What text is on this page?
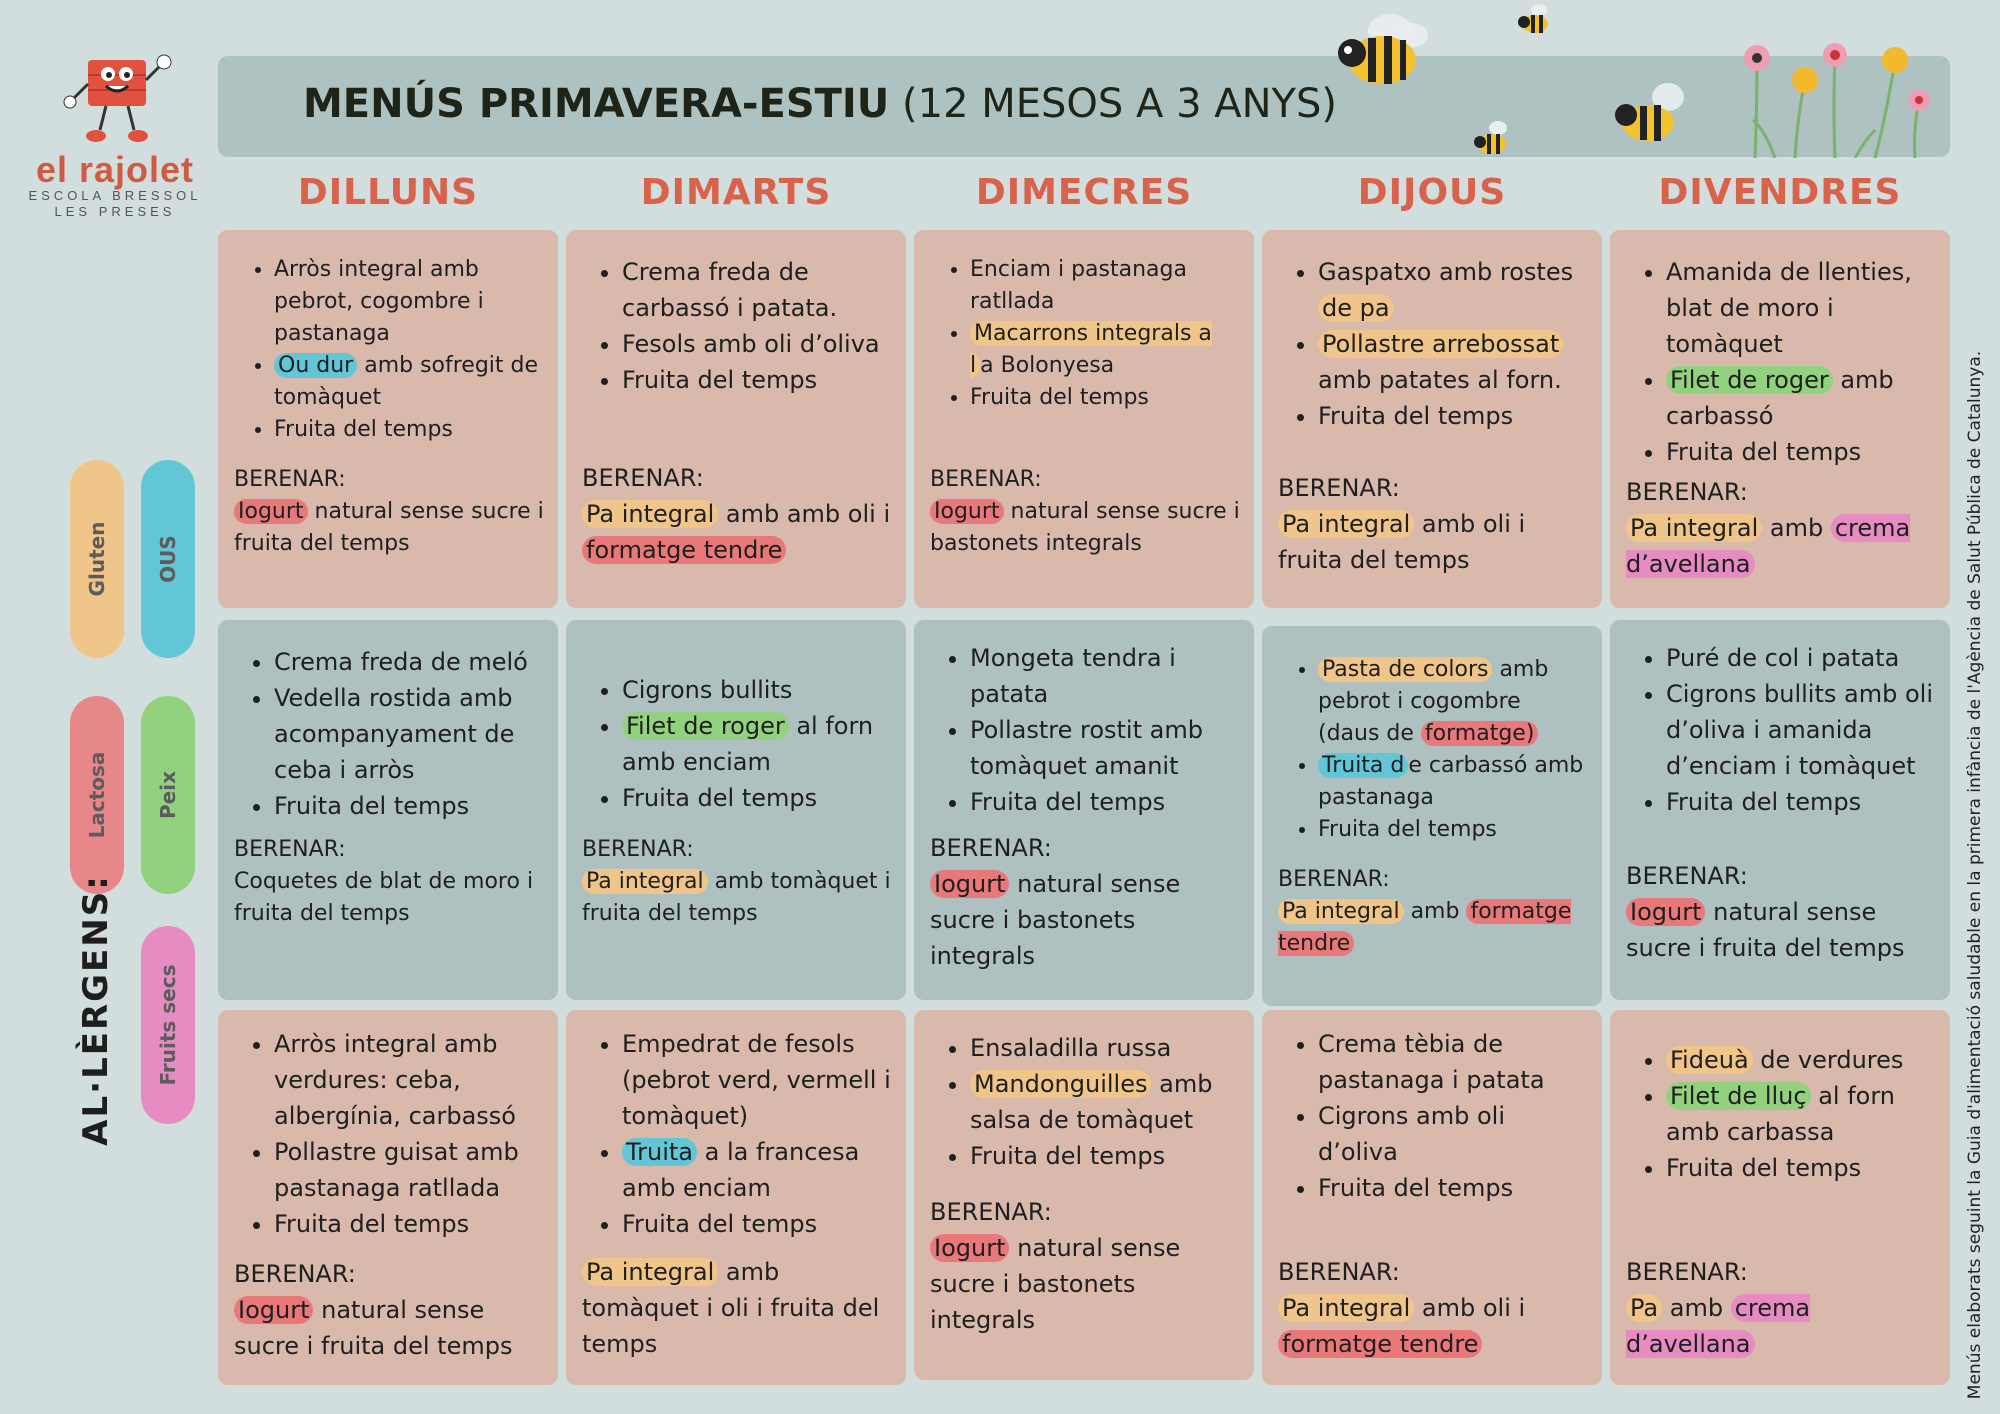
el rajolet
ESCOLA BRESSOL
LES PRESES
MENÚS PRIMAVERA-ESTIU (12 MESOS A 3 ANYS)
DILLUNS	DIMARTS	DIMECRES	DIJOUS	DIVENDRES
Gluten OUS
Lactosa Peix
Fruits secs
AL·LÈRGENS:	Menús elaborats seguint la Guia d'alimentació saludable en la primera infància de l'Agència de Salut Pública de Catalunya.
• Arròs integral amb pebrot, cogombre i pastanaga
• Ou dur amb sofregit de tomàquet
• Fruita del temps
BERENAR:
Iogurt natural sense sucre i fruita del temps
• Crema freda de carbassó i patata.
• Fesols amb oli d’oliva
• Fruita del temps
BERENAR:
Pa integral amb amb oli i formatge tendre
• Enciam i pastanaga ratllada
• Macarrons integrals a l a Bolonyesa
• Fruita del temps
BERENAR:
Iogurt natural sense sucre i bastonets integrals
• Gaspatxo amb rostes de pa
• Pollastre arrebossat amb patates al forn.
• Fruita del temps
BERENAR:
Pa integral amb oli i fruita del temps
• Amanida de llenties, blat de moro i tomàquet
• Filet de roger amb carbassó
• Fruita del temps
BERENAR:
Pa integral amb crema d’avellana
• Crema freda de meló
• Vedella rostida amb acompanyament de ceba i arròs
• Fruita del temps
BERENAR:
Coquetes de blat de moro i fruita del temps
• Cigrons bullits
• Filet de roger al forn amb enciam
• Fruita del temps
BERENAR:
Pa integral amb tomàquet i fruita del temps
• Mongeta tendra i patata
• Pollastre rostit amb tomàquet amanit
• Fruita del temps
BERENAR:
Iogurt natural sense sucre i bastonets integrals
• Pasta de colors amb pebrot i cogombre (daus de formatge)
• Truita d e carbassó amb pastanaga
• Fruita del temps
BERENAR:
Pa integral amb formatge tendre
• Puré de col i patata
• Cigrons bullits amb oli d’oliva i amanida d’enciam i tomàquet
• Fruita del temps
BERENAR:
Iogurt natural sense sucre i fruita del temps
• Arròs integral amb verdures: ceba, albergínia, carbassó
• Pollastre guisat amb pastanaga ratllada
• Fruita del temps
BERENAR:
Iogurt natural sense sucre i fruita del temps
• Empedrat de fesols (pebrot verd, vermell i tomàquet)
• Truita a la francesa amb enciam
• Fruita del temps
Pa integral amb tomàquet i oli i fruita del temps
• Ensaladilla russa
• Mandonguilles amb salsa de tomàquet
• Fruita del temps
BERENAR:
Iogurt natural sense sucre i bastonets integrals
• Crema tèbia de pastanaga i patata
• Cigrons amb oli d’oliva
• Fruita del temps
BERENAR:
Pa integral amb oli i formatge tendre
• Fideuà de verdures
• Filet de lluç al forn amb carbassa
• Fruita del temps
BERENAR:
Pa amb crema d’avellana
